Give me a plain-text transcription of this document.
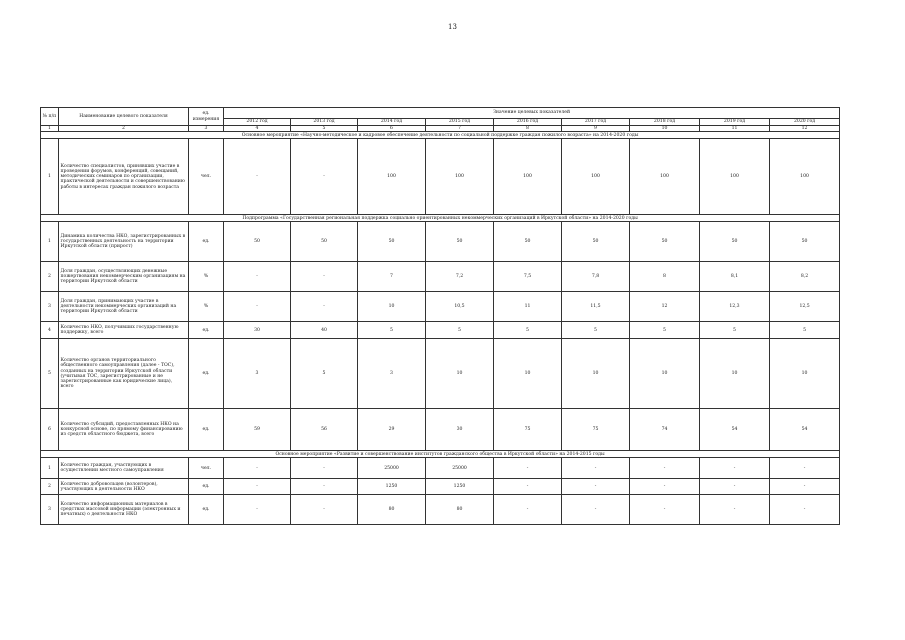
13
№ п/п	Наименование целевого показателя	ед. измерения	Значение целевых показателей								
			2012 год	2013 год	2014 год	2015 год	2016 год	2017 год	2018 год	2019 год	2020 год
1	2	3	4	5	6	7	8	9	10	11	12
Основное мероприятие «Научно-методическое и кадровое обеспечение деятельности по социальной поддержке граждан пожилого возраста» на 2014-2020 годы											
1	Количество специалистов, принявших участие в проведении форумов, конференций, совещаний, методических семинаров по организации, практической деятельности и совершенствованию работы в интересах граждан пожилого возраста	чел.	-	-	100	100	100	100	100	100	100
Подпрограмма «Государственная региональная поддержка социально ориентированных некоммерческих организаций в Иркутской области» на 2014-2020 годы											
1	Динамика количества НКО, зарегистрированных в государственных деятельность на территории Иркутской области (прирост)	ед.	50	50	50	50	50	50	50	50	50
2	Доля граждан, осуществляющих денежные пожертвования некоммерческим организациям на территории Иркутской области	%	-	-	7	7,2	7,5	7,8	8	8,1	8,2
3	Доля граждан, принимающих участие в деятельности некоммерческих организаций на территории Иркутской области	%	-	-	10	10,5	11	11,5	12	12,3	12,5
4	Количество НКО, получивших государственную поддержку, всего	ед.	30	40	5	5	5	5	5	5	5
5	Количество органов территориального общественного самоуправления (далее - ТОС), созданных на территории Иркутской области (учитывая ТОС, зарегистрированные и не зарегистрированные как юридические лица), всего	ед.	3	5	3	10	10	10	10	10	10
6	Количество субсидий, предоставленных НКО на конкурсной основе, по прямому финансированию из средств областного бюджета, всего	ед.	59	56	29	30	75	75	74	54	54
Основное мероприятие «Развитие и совершенствование институтов гражданского общества в Иркутской области» на 2014-2015 годы											
1	Количество граждан, участвующих в осуществлении местного самоуправления	чел.	-	-	25000	25000	-	-	-	-	-
2	Количество добровольцев (волонтеров), участвующих в деятельности НКО	ед.	-	-	1250	1250	-	-	-	-	-
3	Количество информационных материалов в средствах массовой информации (электронных и печатных) о деятельности НКО	ед.	-	-	80	80	-	-	-	-	-
